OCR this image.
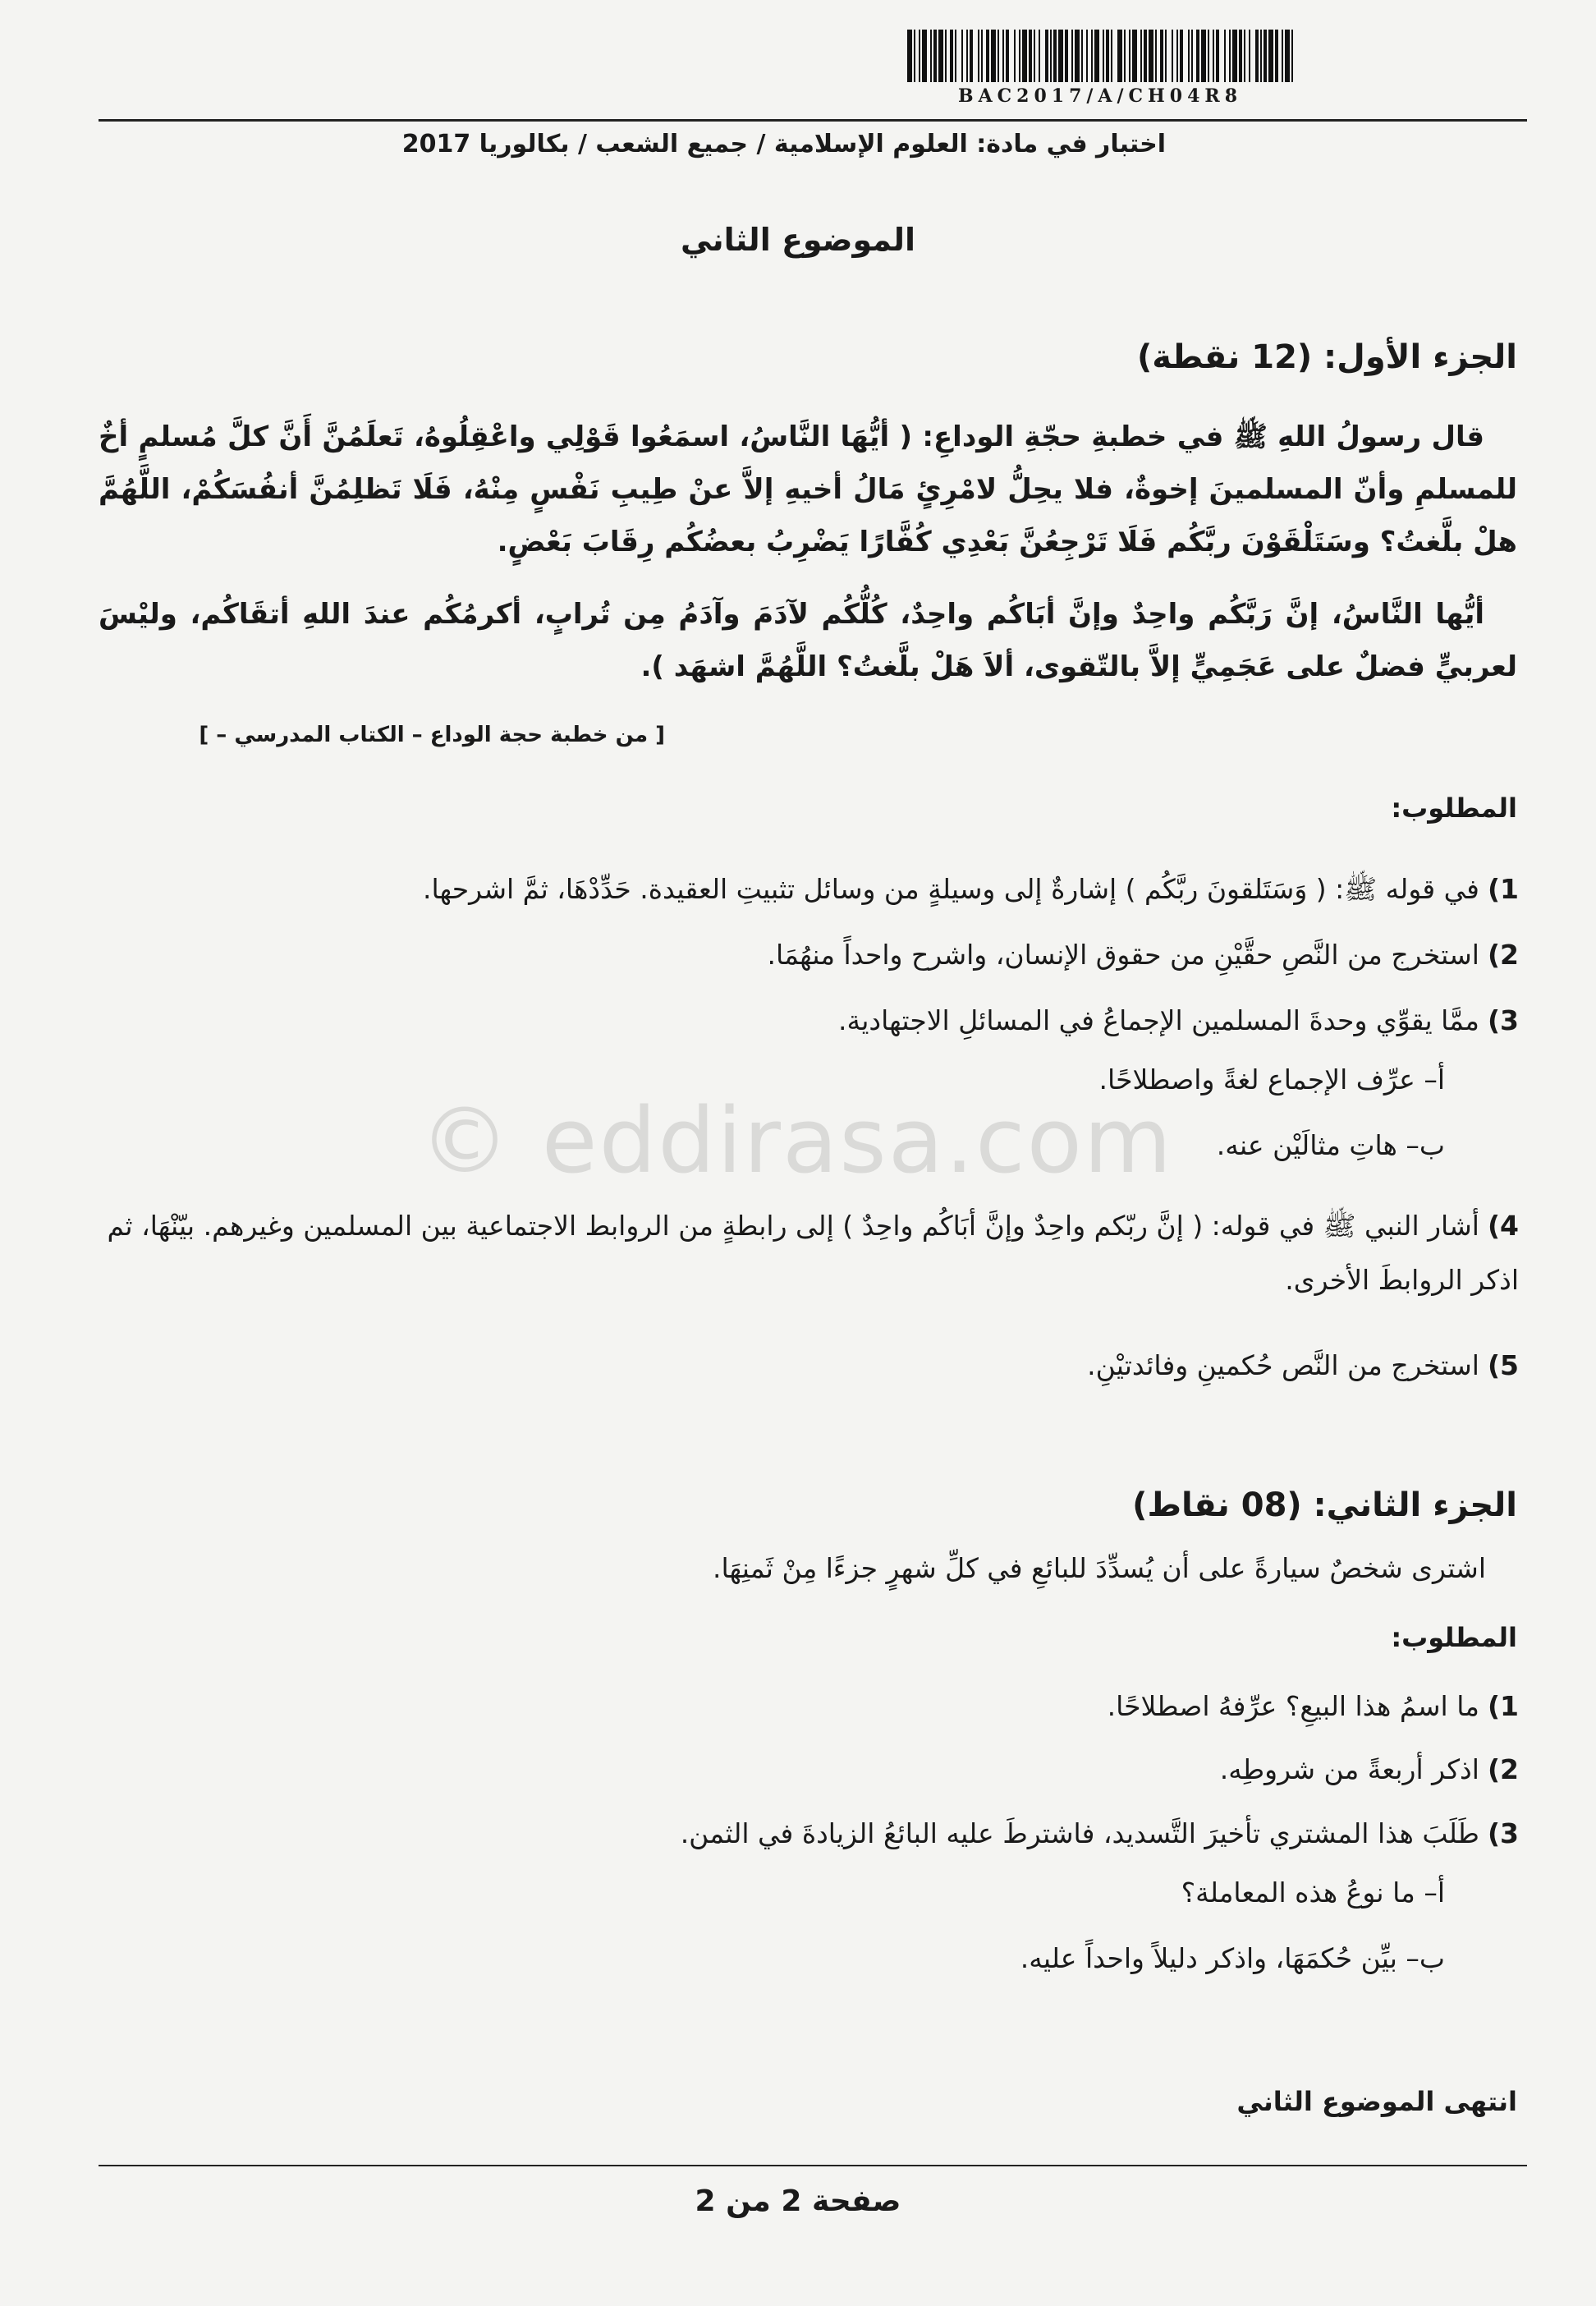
BAC2017/A/CH04R8
اختبار في مادة: العلوم الإسلامية / جميع الشعب / بكالوريا 2017
الموضوع الثاني
الجزء الأول: (12 نقطة)

قال رسولُ اللهِ ﷺ في خطبةِ حجّةِ الوداعِ: ( أيُّهَا النَّاسُ، اسمَعُوا قَوْلِي واعْقِلُوهُ، تَعلَمُنَّ أَنَّ كلَّ مُسلمٍ أخٌ للمسلمِ وأنّ المسلمينَ إخوةٌ، فلا يحِلُّ لامْرِئٍ مَالُ أخيهِ إلاَّ عنْ طِيبِ نَفْسٍ مِنْهُ، فَلَا تَظلِمُنَّ أنفُسَكُمْ، اللَّهُمَّ هلْ بلَّغتُ؟ وسَتَلْقَوْنَ ربَّكُم فَلَا تَرْجِعُنَّ بَعْدِي كُفَّارًا يَضْرِبُ بعضُكُم رِقَابَ بَعْضٍ.

أيُّها النَّاسُ، إنَّ رَبَّكُم واحِدٌ وإنَّ أبَاكُم واحِدٌ، كُلُّكُم لآدَمَ وآدَمُ مِن تُرابٍ، أكرمُكُم عندَ اللهِ أتقَاكُم، وليْسَ لعربيٍّ فضلٌ على عَجَمِيٍّ إلاَّ بالتّقوى، ألاَ هَلْ بلَّغتُ؟ اللَّهُمَّ اشهَد ).

[ من خطبة حجة الوداع – الكتاب المدرسي – ]
المطلوب:
1)في قوله ﷺ: ( وَسَتَلقونَ ربَّكُم ) إشارةٌ إلى وسيلةٍ من وسائل تثبيتِ العقيدة. حَدِّدْهَا، ثمَّ اشرحها.
2)استخرج من النَّصِ حقَّيْنِ من حقوق الإنسان، واشرح واحداً منهُمَا.
3)ممَّا يقوِّي وحدةَ المسلمين الإجماعُ في المسائلِ الاجتهادية.
أ– عرِّف الإجماع لغةً واصطلاحًا.
ب– هاتِ مثالَيْن عنه.
4)أشار النبي ﷺ في قوله: ( إنَّ ربّكم واحِدٌ وإنَّ أبَاكُم واحِدٌ ) إلى رابطةٍ من الروابط الاجتماعية بين المسلمين وغيرهم. بيّنْهَا، ثم اذكر الروابطَ الأخرى.
5)استخرج من النَّص حُكمينِ وفائدتيْنِ.
© eddirasa.com
الجزء الثاني: (08 نقاط)
اشترى شخصٌ سيارةً على أن يُسدِّدَ للبائعِ في كلِّ شهرٍ جزءًا مِنْ ثَمنِهَا.
المطلوب:
1)ما اسمُ هذا البيعِ؟ عرِّفهُ اصطلاحًا.
2)اذكر أربعةً من شروطِه.
3)طَلَبَ هذا المشتري تأخيرَ التَّسديد، فاشترطَ عليه البائعُ الزيادةَ في الثمن.
أ– ما نوعُ هذه المعاملة؟
ب– بيِّن حُكمَهَا، واذكر دليلاً واحداً عليه.
انتهى الموضوع الثاني
صفحة 2 من 2
